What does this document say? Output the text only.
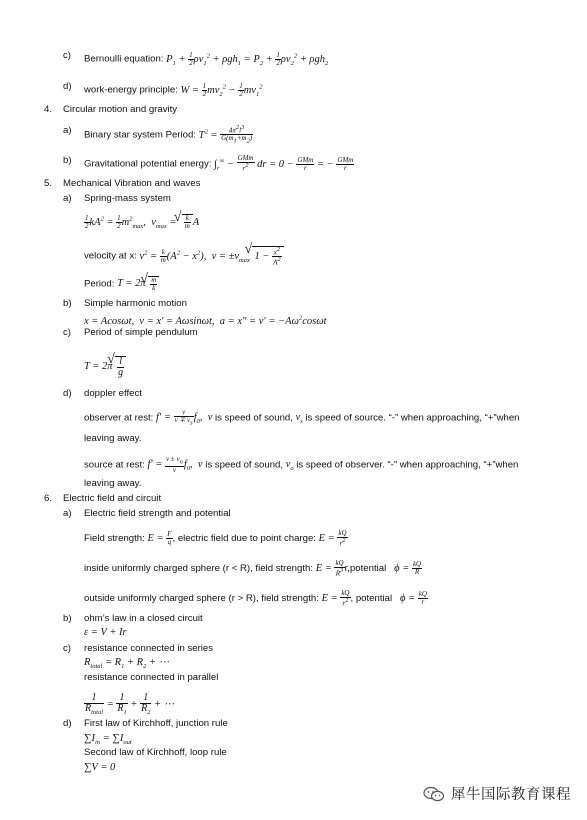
c) Bernoulli equation: $P_1 + \frac{1}{2} \rho v_1^2 + \rho gh_1 = P_2 + \frac{1}{2} \rho v_2^2 + \rho gh_2$
d) work-energy principle: $W = \frac{1}{2} mv_2^2 - \frac{1}{2} mv_1^2$
4. Circular motion and gravity
a) Binary star system Period: $T^2 = \frac{4\pi^2l^3}{G(m_1+m_2)}$
b) Gravitational potential energy: $\int_r^\infty - \frac{\text{GMm}}{r^2}$ dr = $0 - \frac{\text{GMm}}{r}$ = − $\frac{\text{GMm}}{r}$
5. Mechanical Vibration and waves
a) Spring-mass system
$\frac{1}{2} kA^2 = \frac{1}{2} m^2_{max}$,  $v_{max}$ = √ $\frac{k}{m}$ A
velocity at x: $v^2 = \frac{k}{m} (A^2 - x^2)$,  $v = \pm v_{max}$ √ $1 - \frac{x^2}{A^2}$
Period: T = 2π √ $\frac{m}{k}$
b) Simple harmonic motion
x = Acosωt,  v = x′ = Aωsinωt,  $a = x'' = v' = -A\omega^2\cos\omega t$
c) Period of simple pendulum
T = 2π √ $\frac{l}{g}$
d) doppler effect
observer at rest: $f' = \frac{v}{v \mp v_s} f_0$,  v is speed of sound, $v_s$ is speed of source. “-” when approaching, “+”when
leaving away.
source at rest: $f' = \frac{v \pm v_o}{v} f_0$,  v is speed of sound, $v_o$ is speed of observer. “-” when approaching, “+”when
leaving away.
6. Electric field and circuit
a) Electric field strength and potential
Field strength: $E = \frac{F}{q}$ , electric field due to point charge: $E = \frac{kQ}{r^2}$
inside uniformly charged sphere (r < R), field strength: $E = \frac{kQ}{R^3}$ r,potential   $\phi = \frac{kQ}{R}$
outside uniformly charged sphere (r > R), field strength: $E = \frac{kQ}{r^2}$ , potential   $\phi = \frac{kQ}{r}$
b) ohm’s law in a closed circuit
ε = V + Ir
c) resistance connected in series
$R_{total} = R_1 + R_2$ + ⋯
resistance connected in parallel
$\frac{1}{R_{total}} = \frac{1}{R_1} + \frac{1}{R_2}$ + ⋯
d) First law of Kirchhoff, junction rule
$\sum I_{in} = \sum I_{out}$
Second law of Kirchhoff, loop rule
∑V = 0
犀牛国际教育课程
